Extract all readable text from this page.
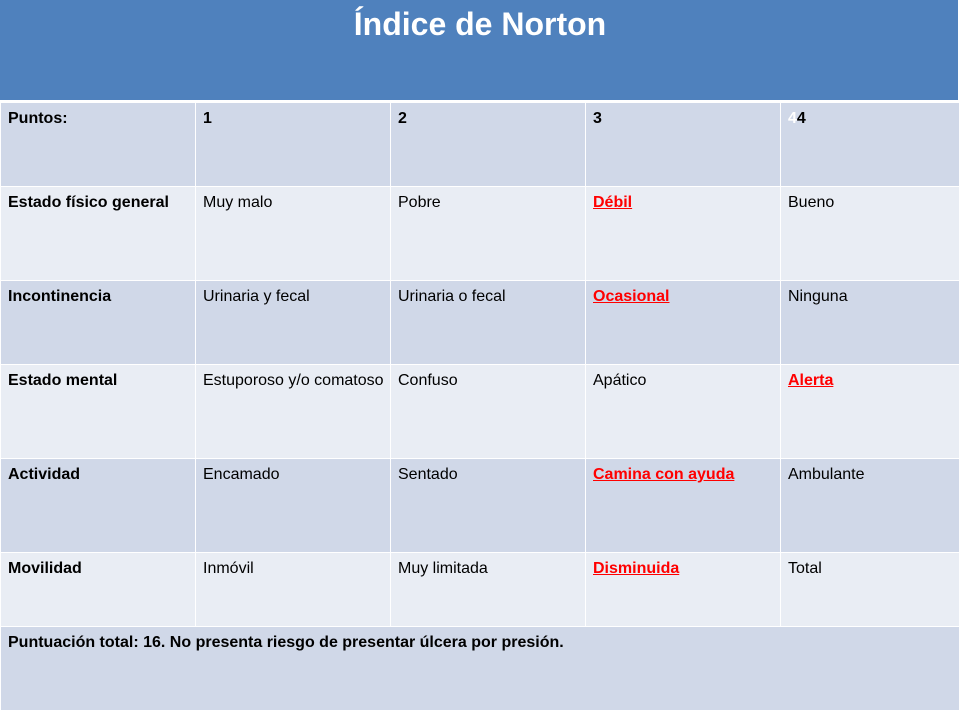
Índice de Norton
Puntos:	1	2	3	44
Estado físico general	Muy malo	Pobre	Débil	Bueno
Incontinencia	Urinaria y fecal	Urinaria o fecal	Ocasional	Ninguna
Estado mental	Estuporoso y/o comatoso	Confuso	Apático	Alerta
Actividad	Encamado	Sentado	Camina con ayuda	Ambulante
Movilidad	Inmóvil	Muy limitada	Disminuida	Total
Puntuación total: 16. No presenta riesgo de presentar úlcera por presión.				
